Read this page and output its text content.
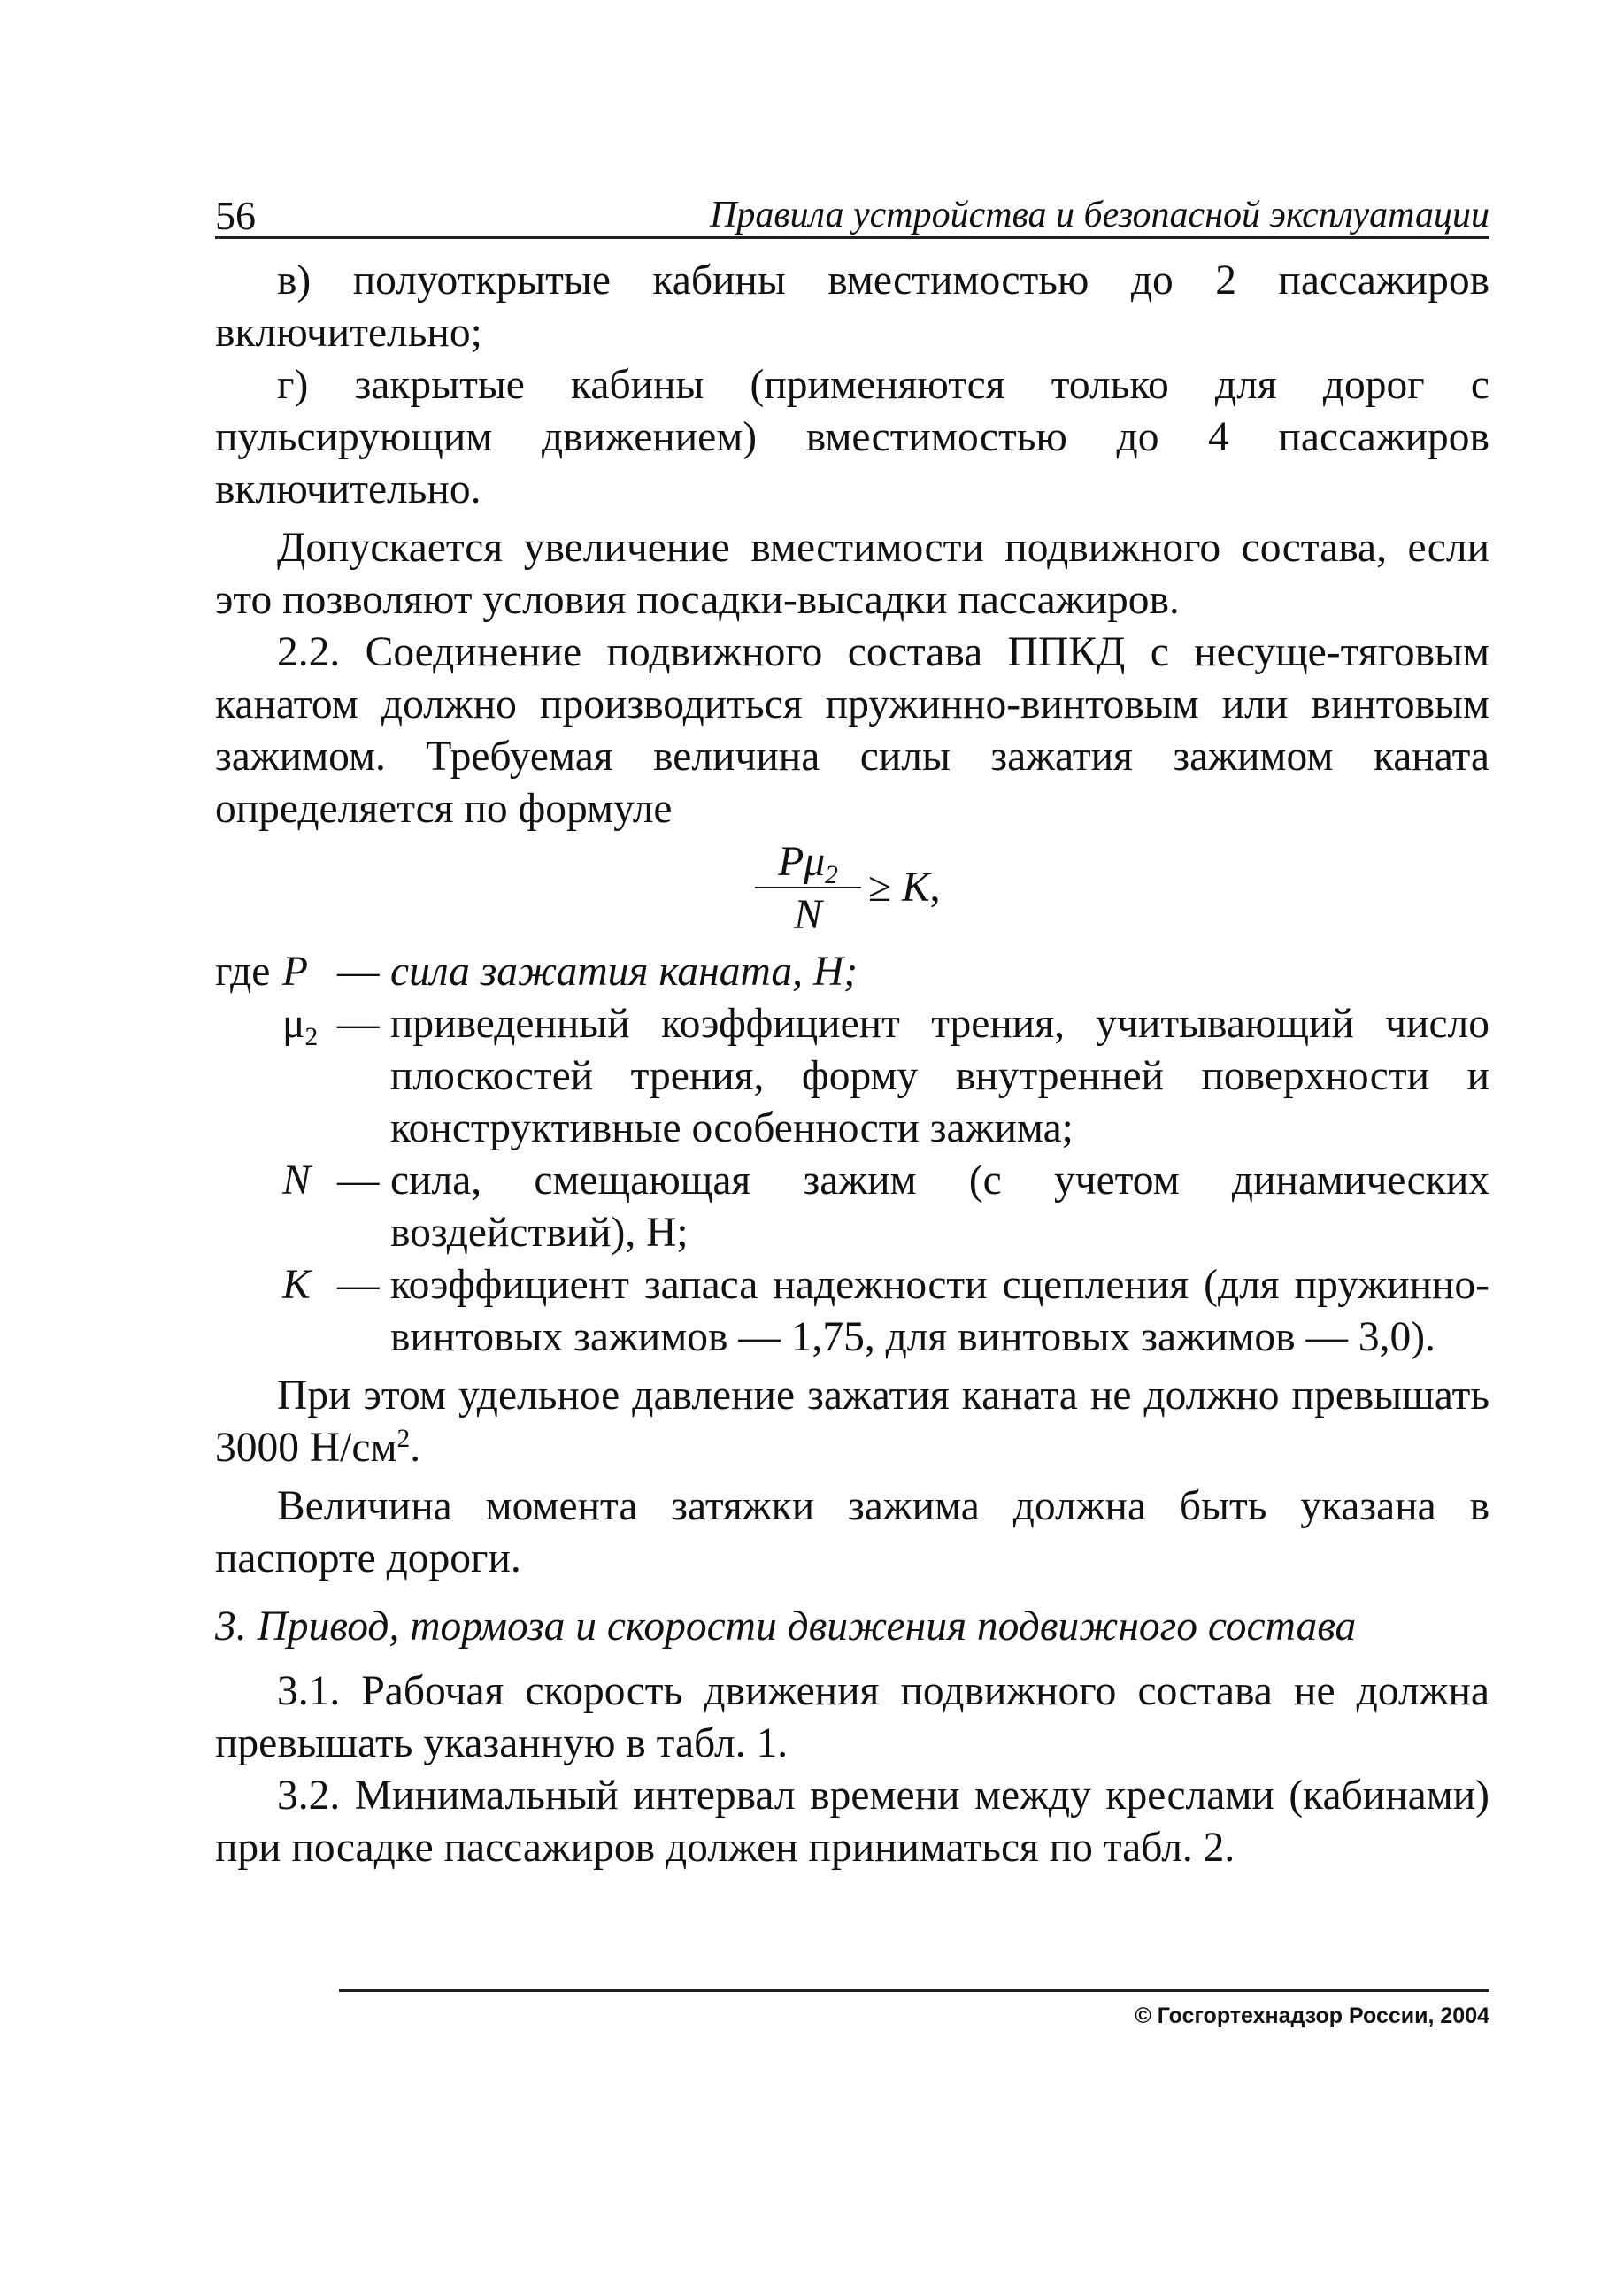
56	Правила устройства и безопасной эксплуатации

в) полуоткрытые кабины вместимостью до 2 пассажиров включительно;

г) закрытые кабины (применяются только для дорог с пульсирующим движением) вместимостью до 4 пассажиров включительно.

Допускается увеличение вместимости подвижного состава, если это позволяют условия посадки-высадки пассажиров.

2.2. Соединение подвижного состава ППКД с несуще-тяговым канатом должно производиться пружинно-винтовым или винтовым зажимом. Требуемая величина силы зажатия зажимом каната определяется по формуле

$\frac{P\mu_2}{N} \ge K$,
где P — сила зажатия каната, Н;
$\mu_2$ — приведенный коэффициент трения, учитывающий число плоскостей трения, форму внутренней поверхности и конструктивные особенности зажима;
N — сила, смещающая зажим (с учетом динамических воздействий), Н;
K — коэффициент запаса надежности сцепления (для пружинно-винтовых зажимов — 1,75, для винтовых зажимов — 3,0).

При этом удельное давление зажатия каната не должно превышать 3000 $Н/см^2$.

Величина момента затяжки зажима должна быть указана в паспорте дороги.

3. Привод, тормоза и скорости движения подвижного состава

3.1. Рабочая скорость движения подвижного состава не должна превышать указанную в табл. 1.

3.2. Минимальный интервал времени между креслами (кабинами) при посадке пассажиров должен приниматься по табл. 2.

© Госгортехнадзор России, 2004
